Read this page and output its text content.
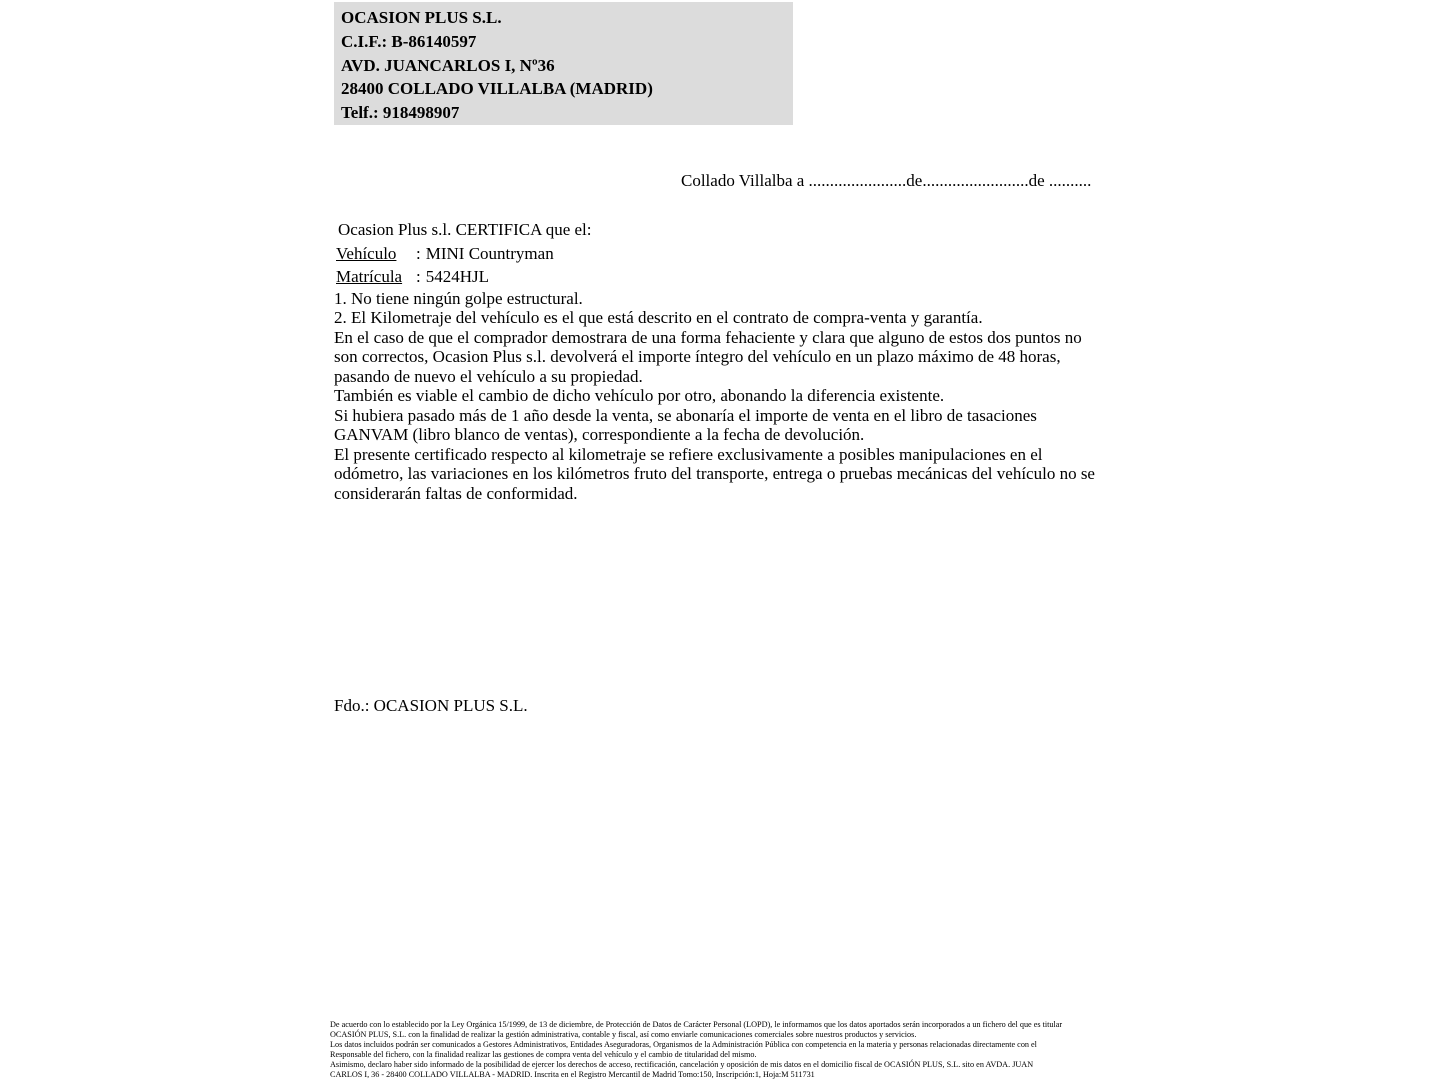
OCASION PLUS S.L.
C.I.F.: B-86140597
AVD. JUANCARLOS I, Nº36
28400 COLLADO VILLALBA (MADRID)
Telf.: 918498907
Collado Villalba a .......................de.........................de ..........
Ocasion Plus s.l. CERTIFICA que el:
Vehículo : MINI Countryman
Matrícula : 5424HJL

1. No tiene ningún golpe estructural.

2. El Kilometraje del vehículo es el que está descrito en el contrato de compra-venta y garantía.

En el caso de que el comprador demostrara de una forma fehaciente y clara que alguno de estos dos puntos no son correctos, Ocasion Plus s.l. devolverá el importe íntegro del vehículo en un plazo máximo de 48 horas, pasando de nuevo el vehículo a su propiedad.

También es viable el cambio de dicho vehículo por otro, abonando la diferencia existente.

Si hubiera pasado más de 1 año desde la venta, se abonaría el importe de venta en el libro de tasaciones GANVAM (libro blanco de ventas), correspondiente a la fecha de devolución.

El presente certificado respecto al kilometraje se refiere exclusivamente a posibles manipulaciones en el odómetro, las variaciones en los kilómetros fruto del transporte, entrega o pruebas mecánicas del vehículo no se considerarán faltas de conformidad.

Fdo.: OCASION PLUS S.L.
De acuerdo con lo establecido por la Ley Orgánica 15/1999, de 13 de diciembre, de Protección de Datos de Carácter Personal (LOPD), le informamos que los datos aportados serán incorporados a un fichero del que es titular
OCASIÓN PLUS, S.L. con la finalidad de realizar la gestión administrativa, contable y fiscal, así como enviarle comunicaciones comerciales sobre nuestros productos y servicios.
Los datos incluidos podrán ser comunicados a Gestores Administrativos, Entidades Aseguradoras, Organismos de la Administración Pública con competencia en la materia y personas relacionadas directamente con el
Responsable del fichero, con la finalidad realizar las gestiones de compra venta del vehículo y el cambio de titularidad del mismo.
Asimismo, declaro haber sido informado de la posibilidad de ejercer los derechos de acceso, rectificación, cancelación y oposición de mis datos en el domicilio fiscal de OCASIÓN PLUS, S.L. sito en AVDA. JUAN
CARLOS I, 36 - 28400 COLLADO VILLALBA - MADRID. Inscrita en el Registro Mercantil de Madrid Tomo:150, Inscripción:1, Hoja:M 511731
